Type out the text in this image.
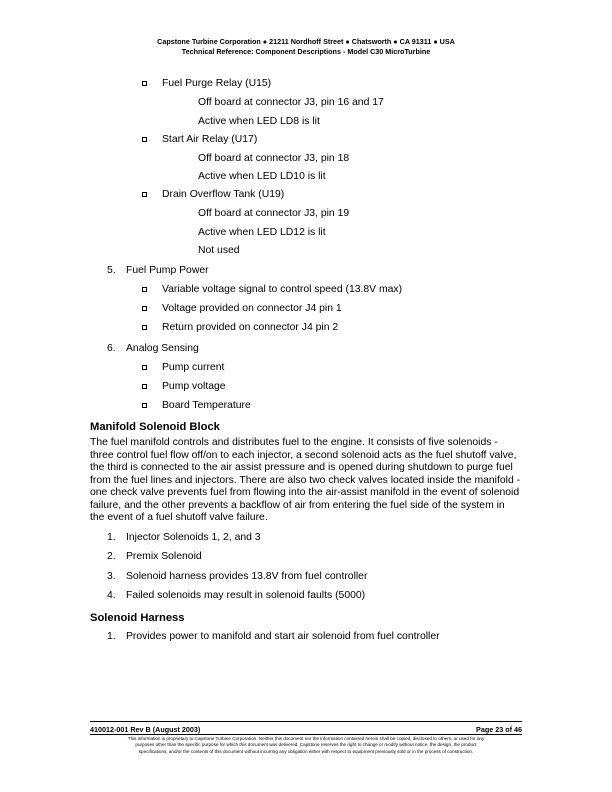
Capstone Turbine Corporation ● 21211 Nordhoff Street ● Chatsworth ● CA 91311 ● USA
Technical Reference: Component Descriptions - Model C30 MicroTurbine
Fuel Purge Relay (U15)
Off board at connector J3, pin 16 and 17
Active when LED LD8 is lit
Start Air Relay (U17)
Off board at connector J3, pin 18
Active when LED LD10 is lit
Drain Overflow Tank (U19)
Off board at connector J3, pin 19
Active when LED LD12 is lit
Not used
5. Fuel Pump Power
Variable voltage signal to control speed (13.8V max)
Voltage provided on connector J4 pin 1
Return provided on connector J4 pin 2
6. Analog Sensing
Pump current
Pump voltage
Board Temperature
Manifold Solenoid Block
The fuel manifold controls and distributes fuel to the engine. It consists of five solenoids -
three control fuel flow off/on to each injector, a second solenoid acts as the fuel shutoff valve,
the third is connected to the air assist pressure and is opened during shutdown to purge fuel
from the fuel lines and injectors. There are also two check valves located inside the manifold -
one check valve prevents fuel from flowing into the air-assist manifold in the event of solenoid
failure, and the other prevents a backflow of air from entering the fuel side of the system in
the event of a fuel shutoff valve failure.
1. Injector Solenoids 1, 2, and 3
2. Premix Solenoid
3. Solenoid harness provides 13.8V from fuel controller
4. Failed solenoids may result in solenoid faults (5000)
Solenoid Harness
1. Provides power to manifold and start air solenoid from fuel controller
410012-001 Rev B (August 2003)	Page 23 of 46
This information is proprietary to Capstone Turbine Corporation. Neither this document nor the information contained herein shall be copied, disclosed to others, or used for any
purposes other than the specific purpose for which this document was delivered. Capstone reserves the right to change or modify without notice, the design, the product
specifications, and/or the contents of this document without incurring any obligation either with respect to equipment previously sold or in the process of construction.
